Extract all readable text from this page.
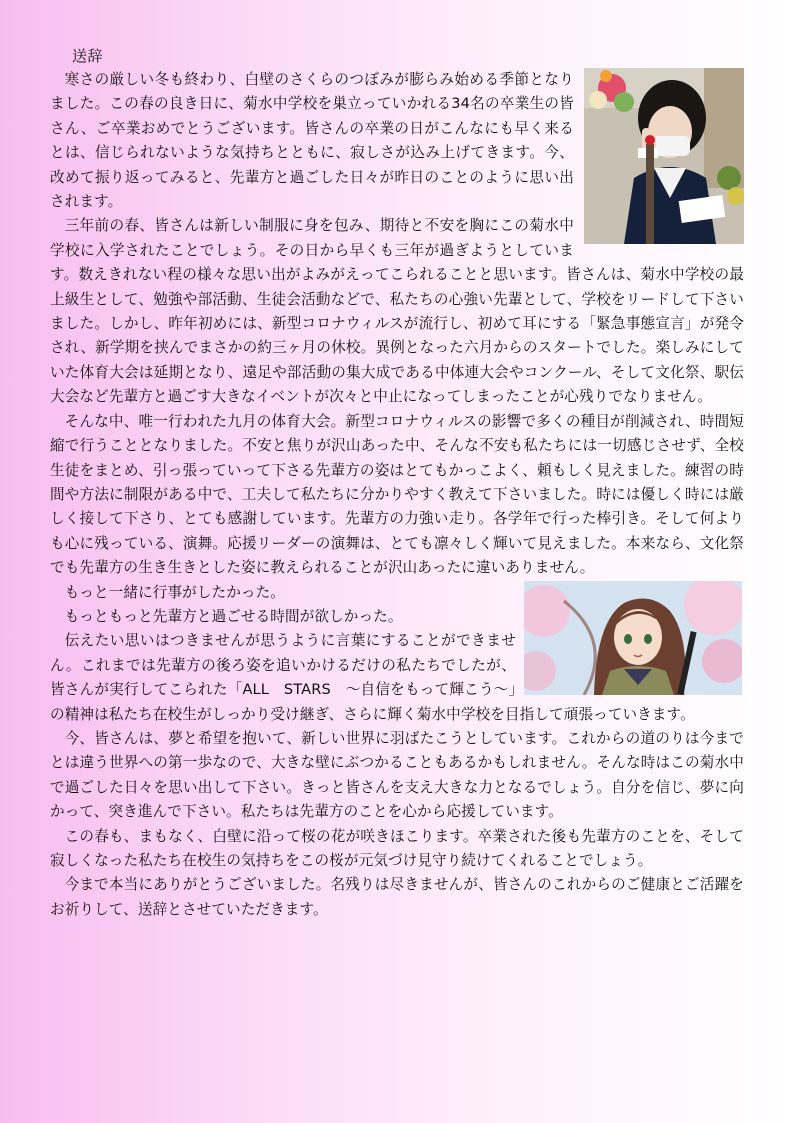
送辞

寒さの厳しい冬も終わり、白壁のさくらのつぼみが膨らみ始める季節となりました。この春の良き日に、菊水中学校を巣立っていかれる34名の卒業生の皆さん、ご卒業おめでとうございます。皆さんの卒業の日がこんなにも早く来るとは、信じられないような気持ちとともに、寂しさが込み上げてきます。今、改めて振り返ってみると、先輩方と過ごした日々が昨日のことのように思い出されます。

三年前の春、皆さんは新しい制服に身を包み、期待と不安を胸にこの菊水中学校に入学されたことでしょう。その日から早くも三年が過ぎようとしています。数えきれない程の様々な思い出がよみがえってこられることと思います。皆さんは、菊水中学校の最上級生として、勉強や部活動、生徒会活動などで、私たちの心強い先輩として、学校をリードして下さいました。しかし、昨年初めには、新型コロナウィルスが流行し、初めて耳にする「緊急事態宣言」が発令され、新学期を挟んでまさかの約三ヶ月の休校。異例となった六月からのスタートでした。楽しみにしていた体育大会は延期となり、遠足や部活動の集大成である中体連大会やコンクール、そして文化祭、駅伝大会など先輩方と過ごす大きなイベントが次々と中止になってしまったことが心残りでなりません。

そんな中、唯一行われた九月の体育大会。新型コロナウィルスの影響で多くの種目が削減され、時間短縮で行うこととなりました。不安と焦りが沢山あった中、そんな不安も私たちには一切感じさせず、全校生徒をまとめ、引っ張っていって下さる先輩方の姿はとてもかっこよく、頼もしく見えました。練習の時間や方法に制限がある中で、工夫して私たちに分かりやすく教えて下さいました。時には優しく時には厳しく接して下さり、とても感謝しています。先輩方の力強い走り。各学年で行った棒引き。そして何よりも心に残っている、演舞。応援リーダーの演舞は、とても凛々しく輝いて見えました。本来なら、文化祭でも先輩方の生き生きとした姿に教えられることが沢山あったに違いありません。

もっと一緒に行事がしたかった。

もっともっと先輩方と過ごせる時間が欲しかった。

伝えたい思いはつきませんが思うように言葉にすることができません。これまでは先輩方の後ろ姿を追いかけるだけの私たちでしたが、皆さんが実行してこられた「ALL　STARS　～自信をもって輝こう～」の精神は私たち在校生がしっかり受け継ぎ、さらに輝く菊水中学校を目指して頑張っていきます。

今、皆さんは、夢と希望を抱いて、新しい世界に羽ばたこうとしています。これからの道のりは今までとは違う世界への第一歩なので、大きな壁にぶつかることもあるかもしれません。そんな時はこの菊水中で過ごした日々を思い出して下さい。きっと皆さんを支え大きな力となるでしょう。自分を信じ、夢に向かって、突き進んで下さい。私たちは先輩方のことを心から応援しています。

この春も、まもなく、白壁に沿って桜の花が咲きほこります。卒業された後も先輩方のことを、そして寂しくなった私たち在校生の気持ちをこの桜が元気づけ見守り続けてくれることでしょう。

今まで本当にありがとうございました。名残りは尽きませんが、皆さんのこれからのご健康とご活躍をお祈りして、送辞とさせていただきます。
